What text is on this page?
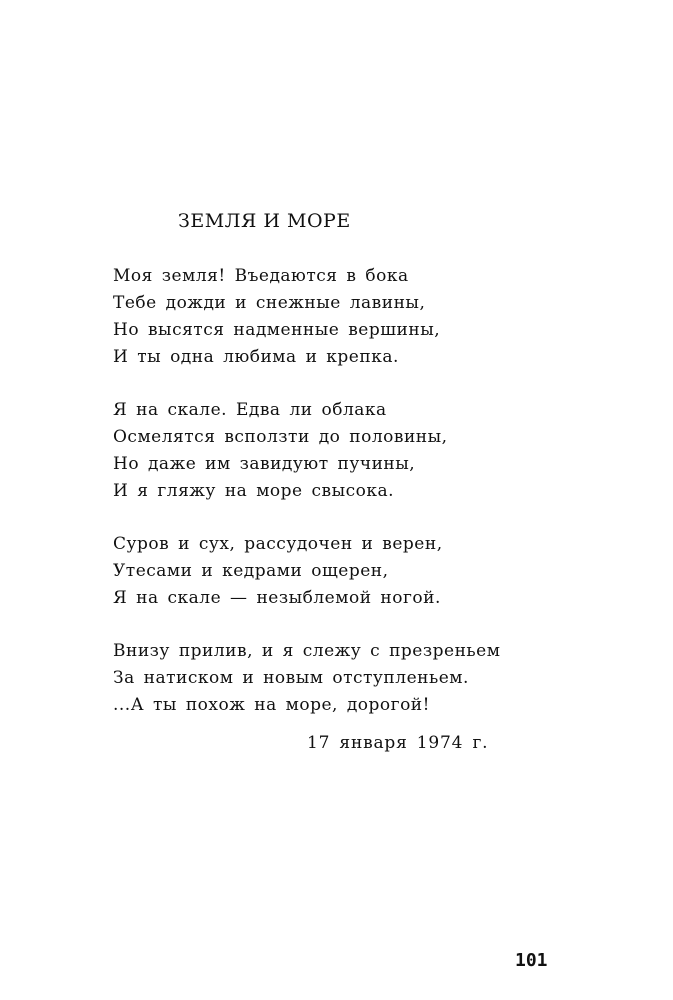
ЗЕМЛЯ И МОРЕ
Моя земля! Въедаются в бока
Тебе дожди и снежные лавины,
Но высятся надменные вершины,
И ты одна любима и крепка.
Я на скале. Едва ли облака
Осмелятся всползти до половины,
Но даже им завидуют пучины,
И я гляжу на море свысока.
Суров и сух, рассудочен и верен,
Утесами и кедрами ощерен,
Я на скале — незыблемой ногой.
Внизу прилив, и я слежу с презреньем
За натиском и новым отступленьем.
...А ты похож на море, дорогой!
17 января 1974 г.
101
